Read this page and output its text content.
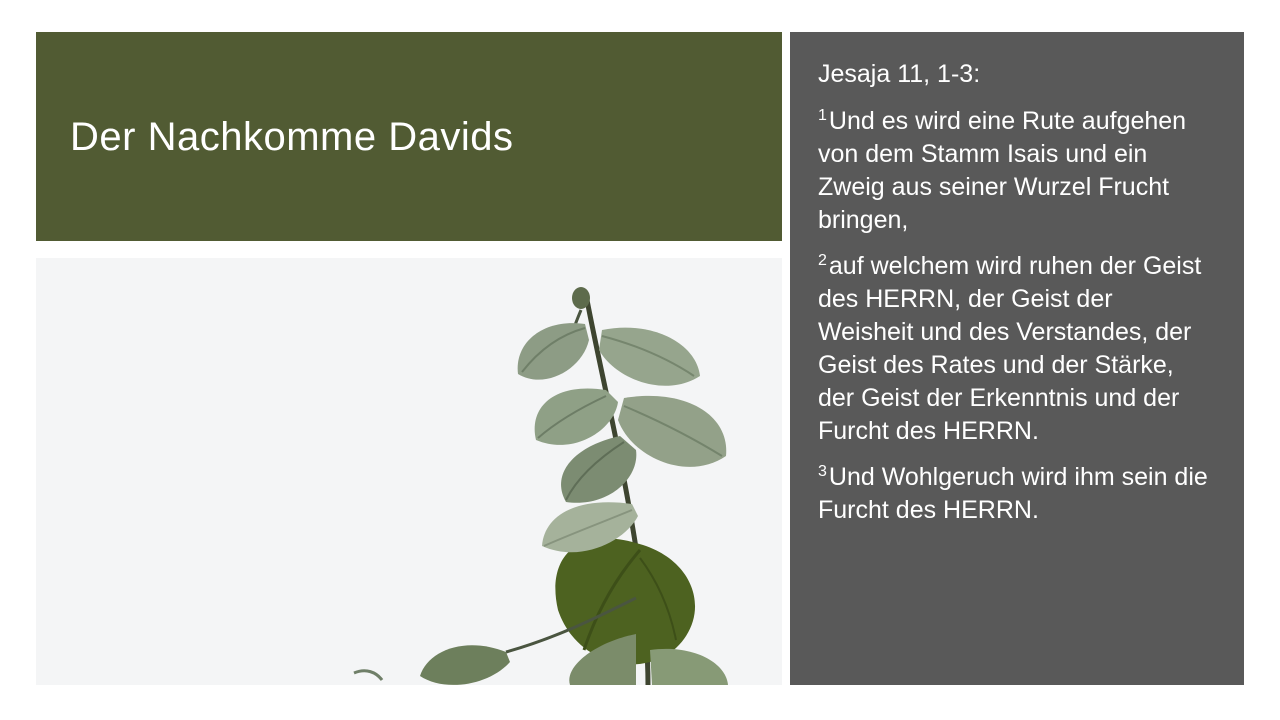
Der Nachkomme Davids

Jesaja 11, 1-3:

$^1$Und es wird eine Rute aufgehen von dem Stamm Isais und ein Zweig aus seiner Wurzel Frucht bringen,

$^2$auf welchem wird ruhen der Geist des HERRN, der Geist der Weisheit und des Verstandes, der Geist des Rates und der Stärke, der Geist der Erkenntnis und der Furcht des HERRN.

$^3$Und Wohlgeruch wird ihm sein die Furcht des HERRN.
